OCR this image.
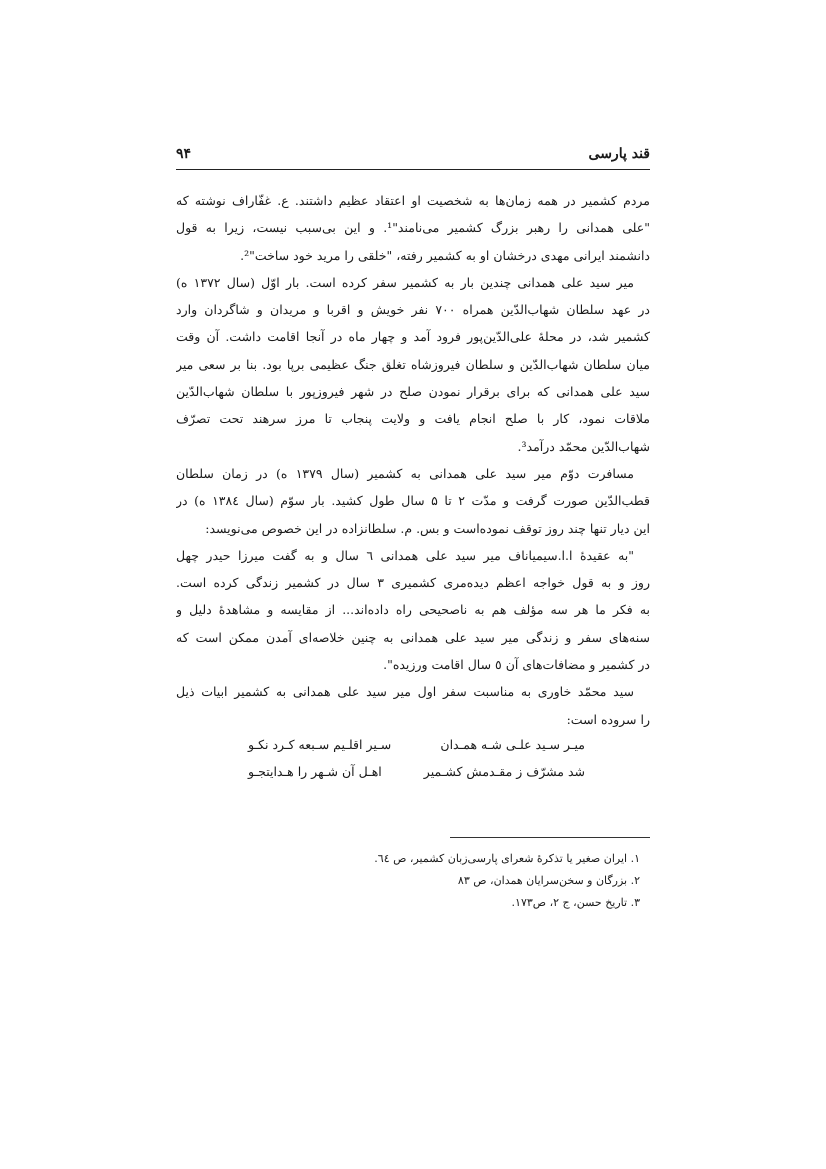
قند پارسی
۹۴
مردم کشمیر در همه زمان‌ها به شخصیت او اعتقاد عظیم داشتند. ع. غفّاراف نوشته که
"علی همدانی را رهبر بزرگ کشمیر می‌نامند"¹. و این بی‌سبب نیست، زیرا به قول
دانشمند ایرانی مهدی درخشان او به کشمیر رفته، "خلقی را مرید خود ساخت"².
میر سید علی همدانی چندین بار به کشمیر سفر کرده است. بار اوّل (سال ۱۳۷۲ ه)
در عهد سلطان شهاب‌الدّین همراه ۷۰۰ نفر خویش و اقربا و مریدان و شاگردان وارد
کشمیر شد، در محلهٔ علی‌الدّین‌پور فرود آمد و چهار ماه در آنجا اقامت داشت. آن وقت
میان سلطان شهاب‌الدّین و سلطان فیروزشاه تغلق جنگ عظیمی برپا بود. بنا بر سعی میر
سید علی همدانی که برای برقرار نمودن صلح در شهر فیروزپور با سلطان شهاب‌الدّین
ملاقات نمود، کار با صلح انجام یافت و ولایت پنجاب تا مرز سرهند تحت تصرّف
شهاب‌الدّین محمّد درآمد³.
مسافرت دوّم میر سید علی همدانی به کشمیر (سال ۱۳۷۹ ه) در زمان سلطان
قطب‌الدّین صورت گرفت و مدّت ۲ تا ۵ سال طول کشید. بار سوّم (سال ۱۳۸٤ ه) در
این دیار تنها چند روز توقف نموده‌است و بس. م. سلطانزاده در این خصوص می‌نویسد:
"به عقیدهٔ ا.ا.سیمیاناف میر سید علی همدانی ٦ سال و به گفت میرزا حیدر چهل
روز و به قول خواجه اعظم دیده‌مری کشمیری ۳ سال در کشمیر زندگی کرده است.
به فکر ما هر سه مؤلف هم به ناصحیحی راه داده‌اند... از مقایسه و مشاهدهٔ دلیل و
سنه‌های سفر و زندگی میر سید علی همدانی به چنین خلاصه‌ای آمدن ممکن است که
در کشمیر و مضافات‌های آن ٥ سال اقامت ورزیده".
سید محمّد خاوری به مناسبت سفر اول میر سید علی همدانی به کشمیر ابیات ذیل
را سروده است:
میـر سـید علـی شـه همـدان
سـیر اقلـیم سـبعه کـرد نکـو
شد مشرّف ز مقـدمش کشـمیر
اهـل آن شـهر را هـدایتجـو
۱. ایران صغیر یا تذکرهٔ شعرای پارسی‌زبان کشمیر، ص ٦٤.
۲. بزرگان و سخن‌سرایان همدان، ص ۸۳
۳. تاریخ حسن، ج ۲، ص۱۷۳.
